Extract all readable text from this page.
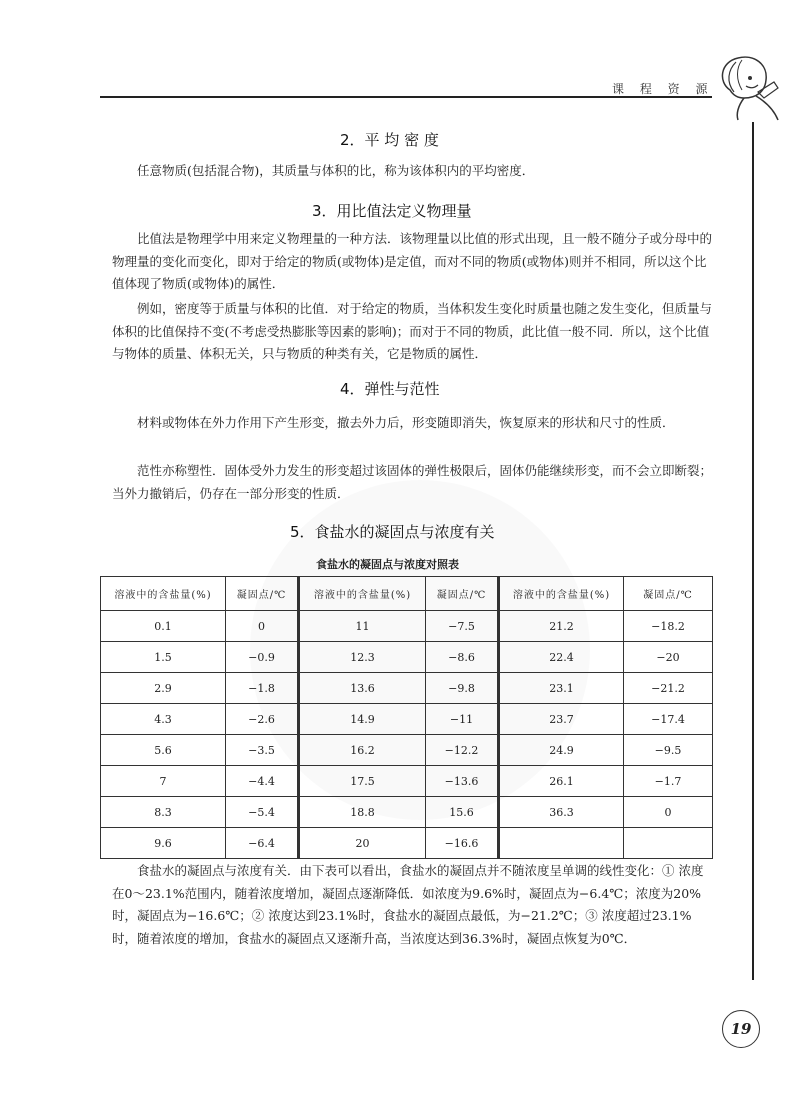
课 程 资 源
2．平 均 密 度

任意物质(包括混合物)，其质量与体积的比，称为该体积内的平均密度．

3．用比值法定义物理量

比值法是物理学中用来定义物理量的一种方法．该物理量以比值的形式出现，且一般不随分子或分母中的物理量的变化而变化，即对于给定的物质(或物体)是定值，而对不同的物质(或物体)则并不相同，所以这个比值体现了物质(或物体)的属性．

例如，密度等于质量与体积的比值．对于给定的物质，当体积发生变化时质量也随之发生变化，但质量与体积的比值保持不变(不考虑受热膨胀等因素的影响)；而对于不同的物质，此比值一般不同．所以，这个比值与物体的质量、体积无关，只与物质的种类有关，它是物质的属性．

4．弹性与范性

材料或物体在外力作用下产生形变，撤去外力后，形变随即消失，恢复原来的形状和尺寸的性质．

范性亦称塑性．固体受外力发生的形变超过该固体的弹性极限后，固体仍能继续形变，而不会立即断裂；当外力撤销后，仍存在一部分形变的性质．

5．食盐水的凝固点与浓度有关
食盐水的凝固点与浓度对照表
溶液中的含盐量(%)	凝固点/℃	溶液中的含盐量(%)	凝固点/℃	溶液中的含盐量(%)	凝固点/℃
0.1	0	11	−7.5	21.2	−18.2
1.5	−0.9	12.3	−8.6	22.4	−20
2.9	−1.8	13.6	−9.8	23.1	−21.2
4.3	−2.6	14.9	−11	23.7	−17.4
5.6	−3.5	16.2	−12.2	24.9	−9.5
7	−4.4	17.5	−13.6	26.1	−1.7
8.3	−5.4	18.8	15.6	36.3	0
9.6	−6.4	20	−16.6		

食盐水的凝固点与浓度有关．由下表可以看出，食盐水的凝固点并不随浓度呈单调的线性变化：① 浓度在0～23.1%范围内，随着浓度增加，凝固点逐渐降低．如浓度为9.6%时，凝固点为−6.4℃；浓度为20%时，凝固点为−16.6℃；② 浓度达到23.1%时，食盐水的凝固点最低，为−21.2℃；③ 浓度超过23.1%时，随着浓度的增加，食盐水的凝固点又逐渐升高，当浓度达到36.3%时，凝固点恢复为0℃．

19
